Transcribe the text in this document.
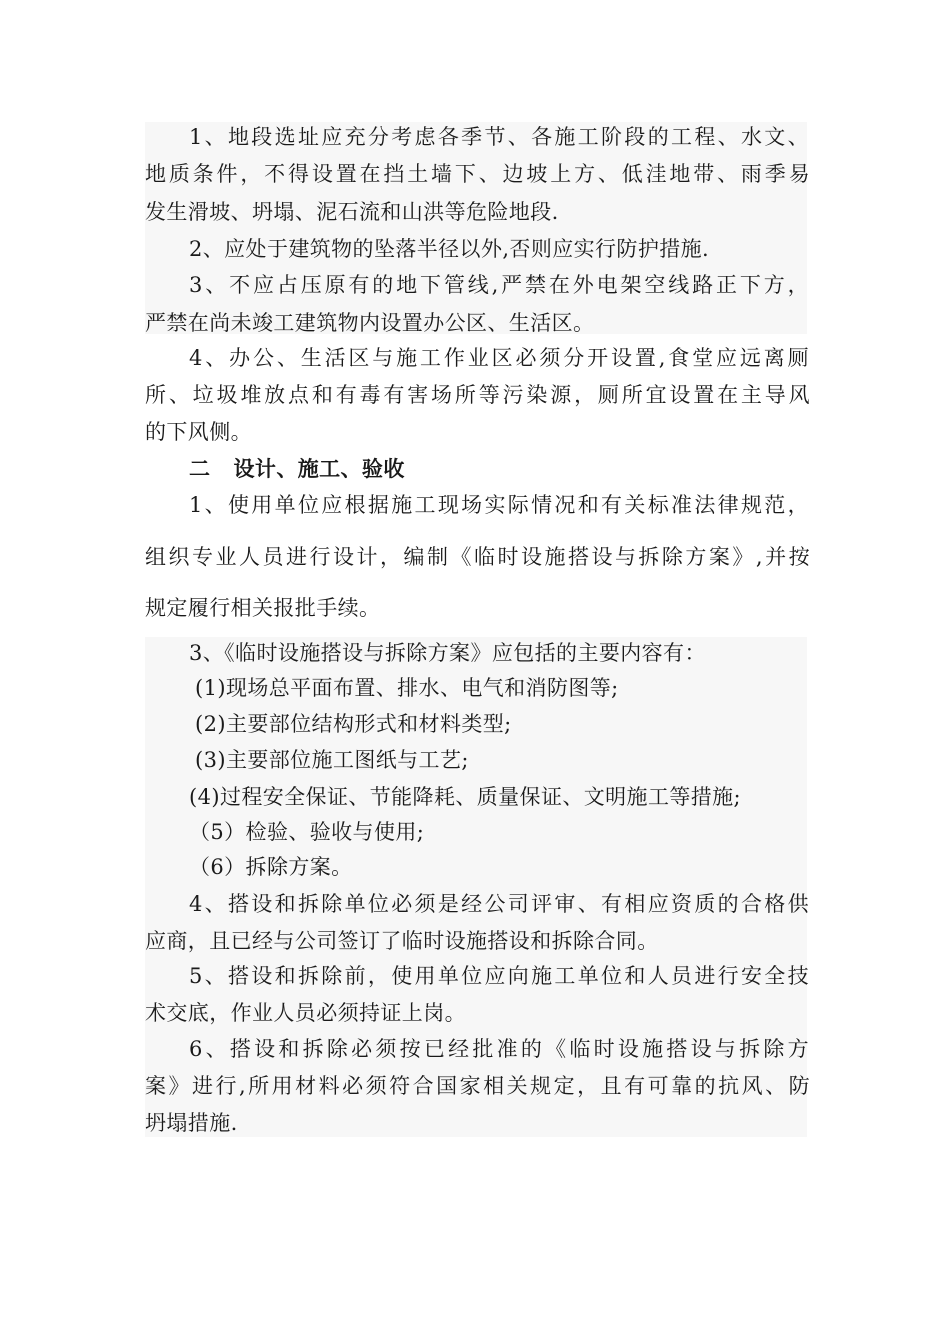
1、地段选址应充分考虑各季节、各施工阶段的工程、水文、
地质条件，不得设置在挡土墙下、边坡上方、低洼地带、雨季易
发生滑坡、坍塌、泥石流和山洪等危险地段.
2、应处于建筑物的坠落半径以外,否则应实行防护措施.
3、不应占压原有的地下管线,严禁在外电架空线路正下方，
严禁在尚未竣工建筑物内设置办公区、生活区。
4、办公、生活区与施工作业区必须分开设置,食堂应远离厕
所、垃圾堆放点和有毒有害场所等污染源，厕所宜设置在主导风
的下风侧。
二   设计、施工、验收
1、使用单位应根据施工现场实际情况和有关标准法律规范，
组织专业人员进行设计，编制《临时设施搭设与拆除方案》,并按
规定履行相关报批手续。
3、《临时设施搭设与拆除方案》应包括的主要内容有：
(1)现场总平面布置、排水、电气和消防图等;
(2)主要部位结构形式和材料类型;
(3)主要部位施工图纸与工艺;
(4)过程安全保证、节能降耗、质量保证、文明施工等措施;
（5）检验、验收与使用;
（6）拆除方案。
4、搭设和拆除单位必须是经公司评审、有相应资质的合格供
应商，且已经与公司签订了临时设施搭设和拆除合同。
5、搭设和拆除前，使用单位应向施工单位和人员进行安全技
术交底，作业人员必须持证上岗。
6、搭设和拆除必须按已经批准的《临时设施搭设与拆除方
案》进行,所用材料必须符合国家相关规定，且有可靠的抗风、防
坍塌措施.
